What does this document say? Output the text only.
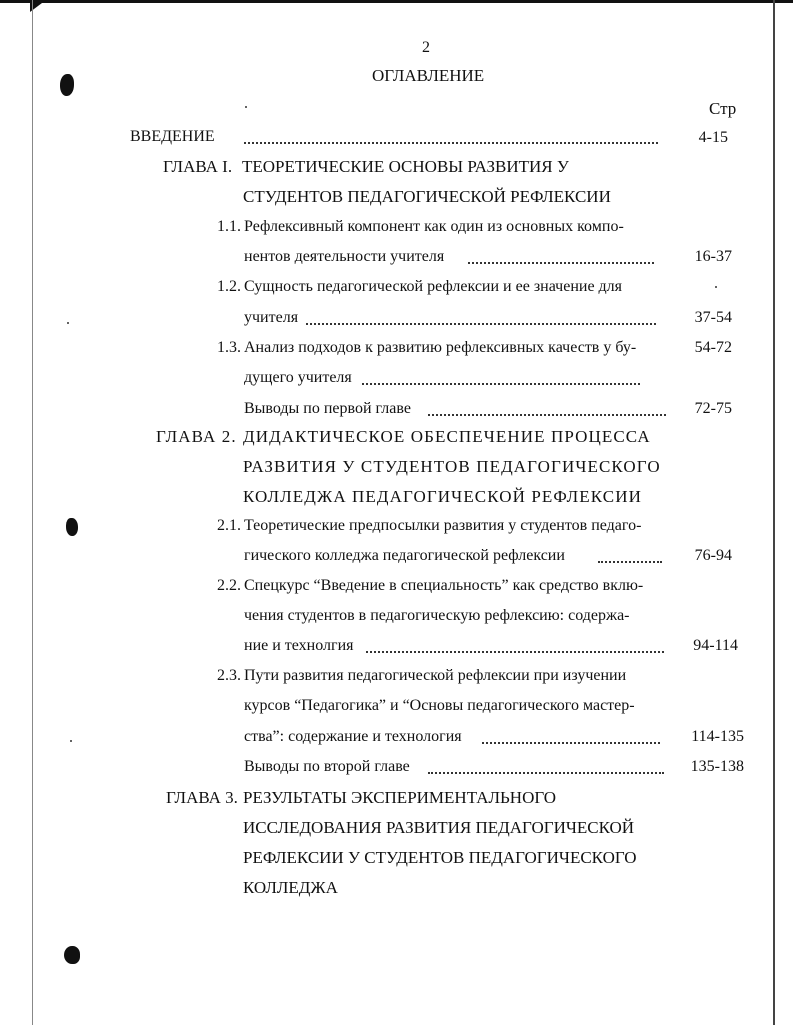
2
ОГЛАВЛЕНИЕ
Стр
ВВЕДЕНИЕ	4-15
ГЛАВА I. ТЕОРЕТИЧЕСКИЕ ОСНОВЫ РАЗВИТИЯ У
СТУДЕНТОВ ПЕДАГОГИЧЕСКОЙ РЕФЛЕКСИИ
1.1. Рефлексивный компонент как один из основных компо-
нентов деятельности учителя	16-37
1.2. Сущность педагогической рефлексии и ее значение для
учителя	37-54
1.3. Анализ подходов к развитию рефлексивных качеств у бу-	54-72
дущего учителя
Выводы по первой главе	72-75
ГЛАВА 2. ДИДАКТИЧЕСКОЕ ОБЕСПЕЧЕНИЕ ПРОЦЕССА
РАЗВИТИЯ У СТУДЕНТОВ ПЕДАГОГИЧЕСКОГО
КОЛЛЕДЖА ПЕДАГОГИЧЕСКОЙ РЕФЛЕКСИИ
2.1. Теоретические предпосылки развития у студентов педаго-
гического колледжа педагогической рефлексии	76-94
2.2. Спецкурс “Введение в специальность” как средство вклю-
чения студентов в педагогическую рефлексию: содержа-
ние и технолгия	94-114
2.3. Пути развития педагогической рефлексии при изучении
курсов “Педагогика” и “Основы педагогического мастер-
ства”: содержание и технология	114-135
Выводы по второй главе	135-138
ГЛАВА 3. РЕЗУЛЬТАТЫ ЭКСПЕРИМЕНТАЛЬНОГО
ИССЛЕДОВАНИЯ РАЗВИТИЯ ПЕДАГОГИЧЕСКОЙ
РЕФЛЕКСИИ У СТУДЕНТОВ ПЕДАГОГИЧЕСКОГО
КОЛЛЕДЖА
